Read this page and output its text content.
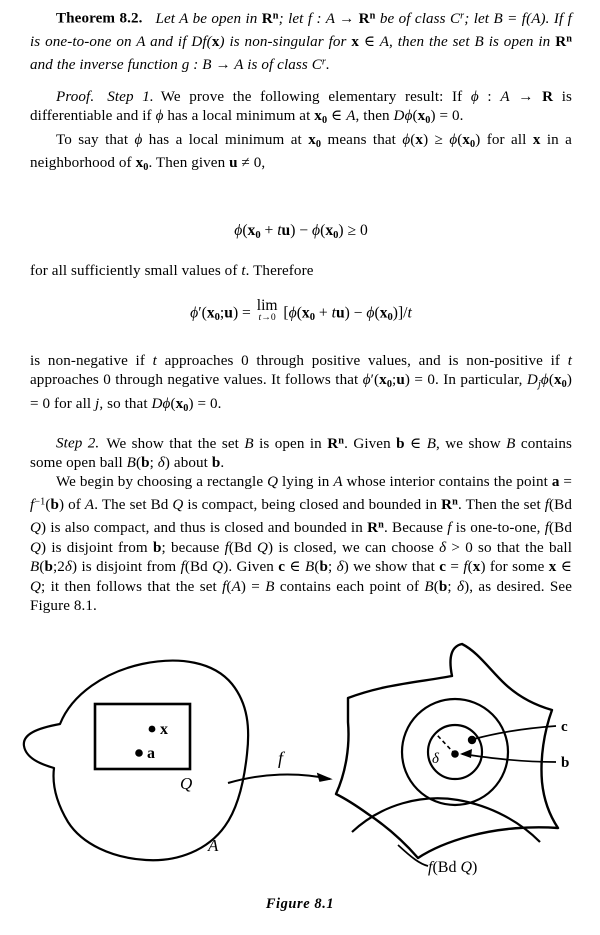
Theorem 8.2. Let A be open in $R^n$; let f : $A \to R^n$ be of class $C^r$; let B = f(A). If f is one-to-one on A and if Df(x) is non-singular for x ∈ A, then the set B is open in $R^n$ and the inverse function g : B → A is of class $C^r$.

Proof. Step 1. We prove the following elementary result: If ϕ : A → R is differentiable and if ϕ has a local minimum at $x_0$ ∈ A, then $D\phi(x_0) = 0$.

To say that ϕ has a local minimum at $x_0$ means that $\phi(x) \ge \phi(x_0)$ for all x in a neighborhood of $x_0$. Then given u ≠ 0,

$\phi(x_0 + tu) - \phi(x_0) \ge 0$

for all sufficiently small values of t. Therefore

$\phi'(x_0;u) = \lim$
t→0 $[\phi(x_0 + tu) - \phi(x_0)]/t$

is non-negative if t approaches 0 through positive values, and is non-positive if t approaches 0 through negative values. It follows that $\phi'(x_0;u) = 0$. In particular, $D_j\phi(x_0) = 0$ for all j, so that $D\phi(x_0) = 0$.

Step 2. We show that the set B is open in $R^n$. Given b ∈ B, we show B contains some open ball B(b; δ) about b.

We begin by choosing a rectangle Q lying in A whose interior contains the point $a = f^{-1}(b)$ of A. The set Bd Q is compact, being closed and bounded in $R^n$. Then the set f(Bd Q) is also compact, and thus is closed and bounded in $R^n$. Because f is one-to-one, f(Bd Q) is disjoint from b; because f(Bd Q) is closed, we can choose δ > 0 so that the ball B(b;2δ) is disjoint from f(Bd Q). Given c ∈ B(b; δ) we show that c = f(x) for some x ∈ Q; it then follows that the set f(A) = B contains each point of B(b; δ), as desired. See Figure 8.1.

x
a
Q
A
f	δ
c
b
f(Bd Q)
Figure 8.1
